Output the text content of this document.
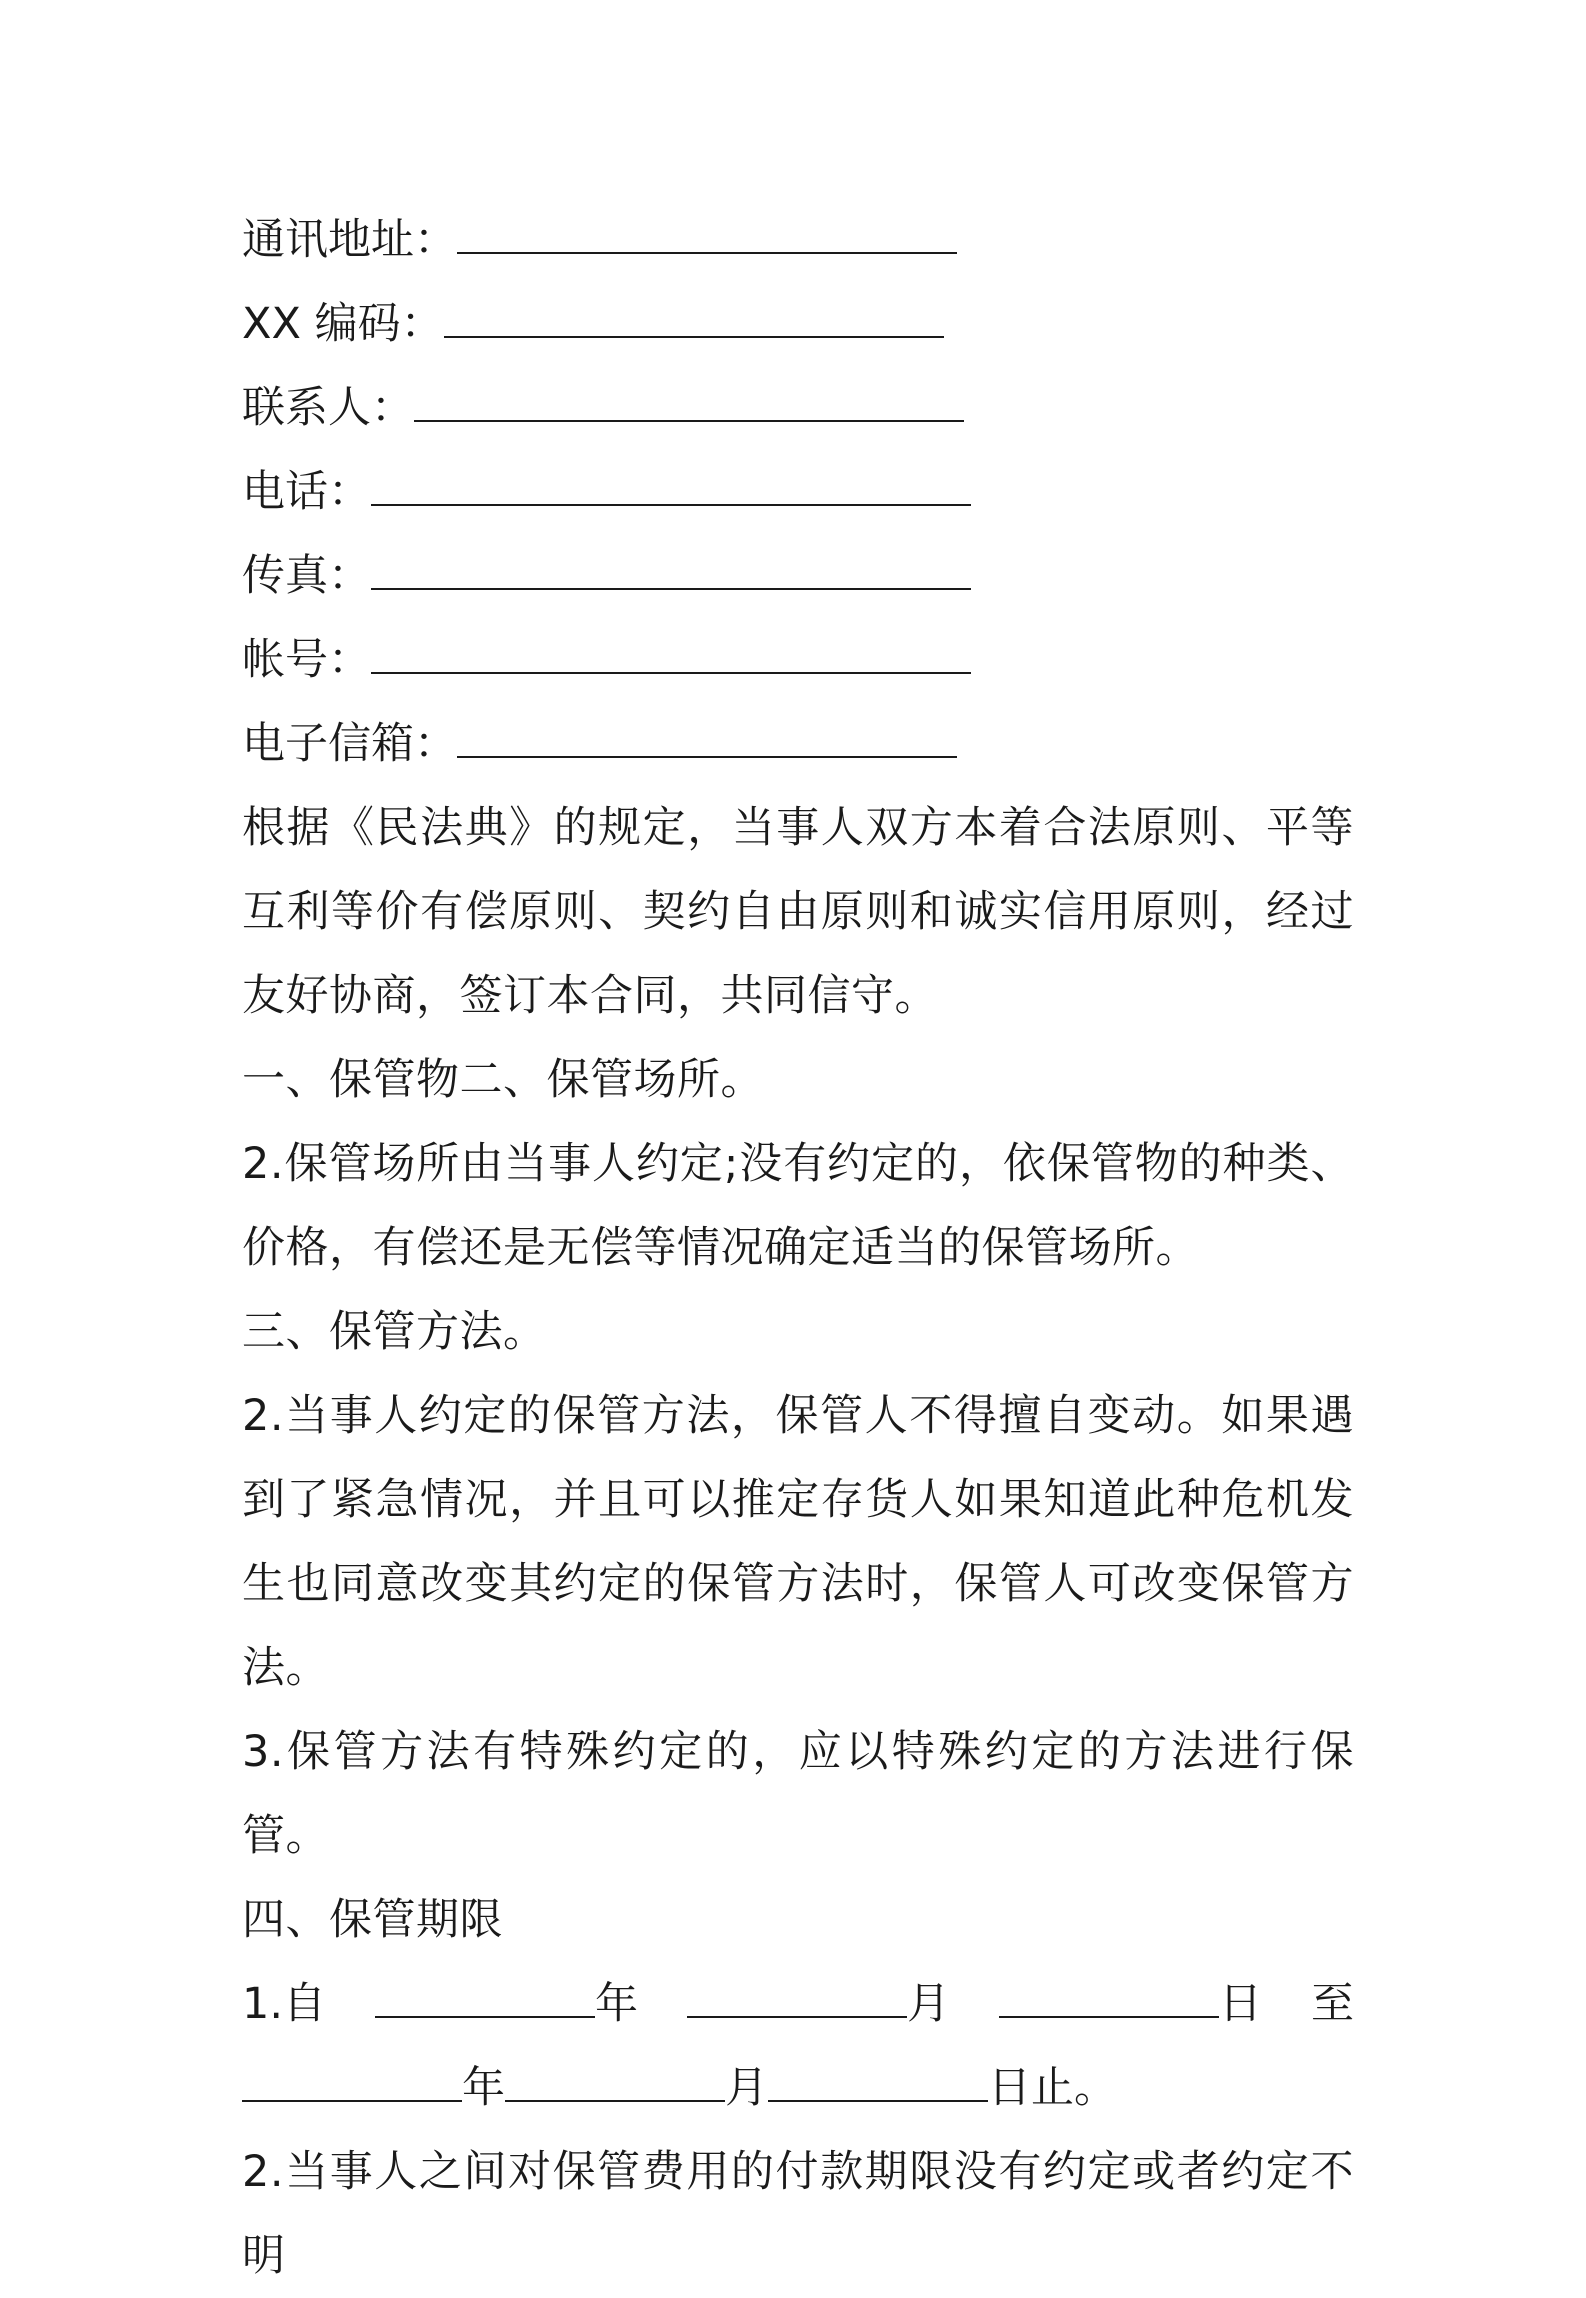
通讯地址：
XX 编码：
联系人：
电话：
传真：
帐号：
电子信箱：
根据《民法典》的规定，当事人双方本着合法原则、平等互利等价有偿原则、契约自由原则和诚实信用原则，经过友好协商，签订本合同，共同信守。
一、保管物二、保管场所。
2.保管场所由当事人约定;没有约定的，依保管物的种类、价格，有偿还是无偿等情况确定适当的保管场所。
三、保管方法。
2.当事人约定的保管方法，保管人不得擅自变动。如果遇到了紧急情况，并且可以推定存货人如果知道此种危机发生也同意改变其约定的保管方法时，保管人可改变保管方法。
3.保管方法有特殊约定的，应以特殊约定的方法进行保管。
四、保管期限
1.自	年	月	日 至
年	月	日止。
2.当事人之间对保管费用的付款期限没有约定或者约定不明
